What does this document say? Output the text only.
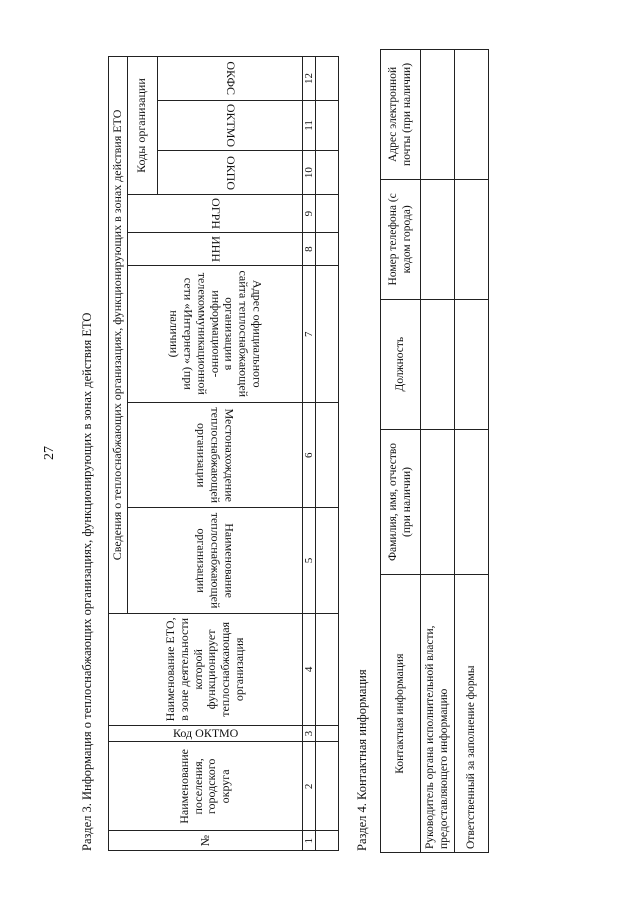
27 Раздел 3. Информация о теплоснабжающих организациях, функционирующих в зонах действия ЕТО	№	Наименование поселения, городского округа	Код ОКТМО	Наименование ЕТО, в зоне деятельности которой функционирует теплоснабжающая организация	Сведения о теплоснабжающих организациях, функционирующих в зонах действия ЕТО							
				Наименование теплоснабжающей организации	Местонахождение теплоснабжающей организации	Адрес официального сайта теплоснабжающей организации в информационно-телекоммуникационной сети «Интернет» (при наличии)	ИНН	ОГРН	Коды организации		
									ОКПО	ОКТМО	ОКФС
1	2	3	4	5	6	7	8	9	10	11	12

Раздел 4. Контактная информация Контактная информация	Фамилия, имя, отчество (при наличии)	Должность	Номер телефона (с кодом города)	Адрес электронной почты (при наличии)
Руководитель органа исполнительной власти, предоставляющего информацию				
Ответственный за заполнение формы				
